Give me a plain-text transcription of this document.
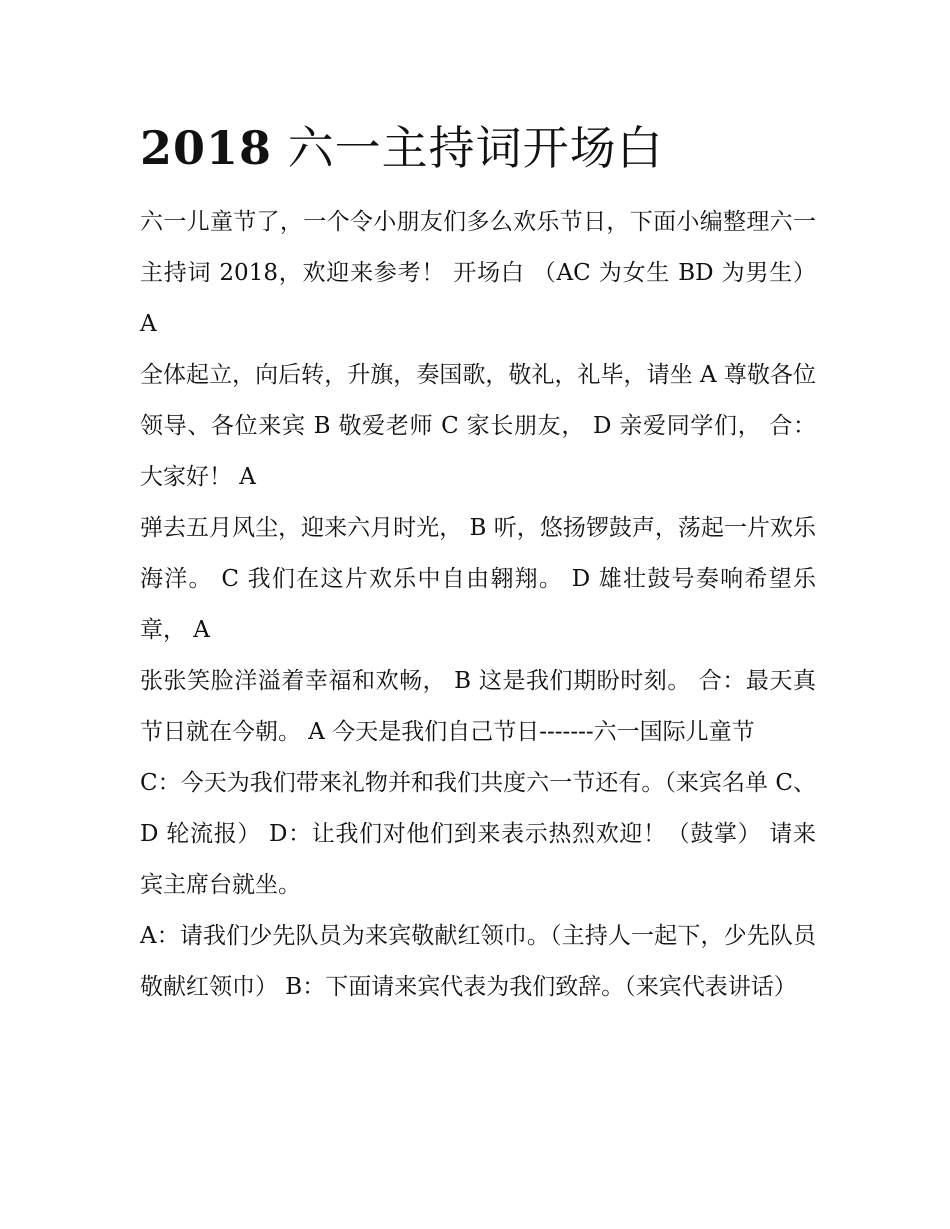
2018 六一主持词开场白

六一儿童节了，一个令小朋友们多么欢乐节日，下面小编整理六一主持词 2018，欢迎来参考！ 开场白 （AC 为女生 BD 为男生） A

全体起立，向后转，升旗，奏国歌，敬礼，礼毕，请坐 A 尊敬各位领导、各位来宾 B 敬爱老师 C 家长朋友， D 亲爱同学们， 合：大家好！ A

弹去五月风尘，迎来六月时光， B 听，悠扬锣鼓声，荡起一片欢乐海洋。 C 我们在这片欢乐中自由翱翔。 D 雄壮鼓号奏响希望乐章， A

张张笑脸洋溢着幸福和欢畅， B 这是我们期盼时刻。 合：最天真节日就在今朝。 A 今天是我们自己节日-------六一国际儿童节

C：今天为我们带来礼物并和我们共度六一节还有。（来宾名单 C、D 轮流报） D：让我们对他们到来表示热烈欢迎！（鼓掌） 请来宾主席台就坐。

A：请我们少先队员为来宾敬献红领巾。（主持人一起下，少先队员敬献红领巾） B：下面请来宾代表为我们致辞。（来宾代表讲话）
